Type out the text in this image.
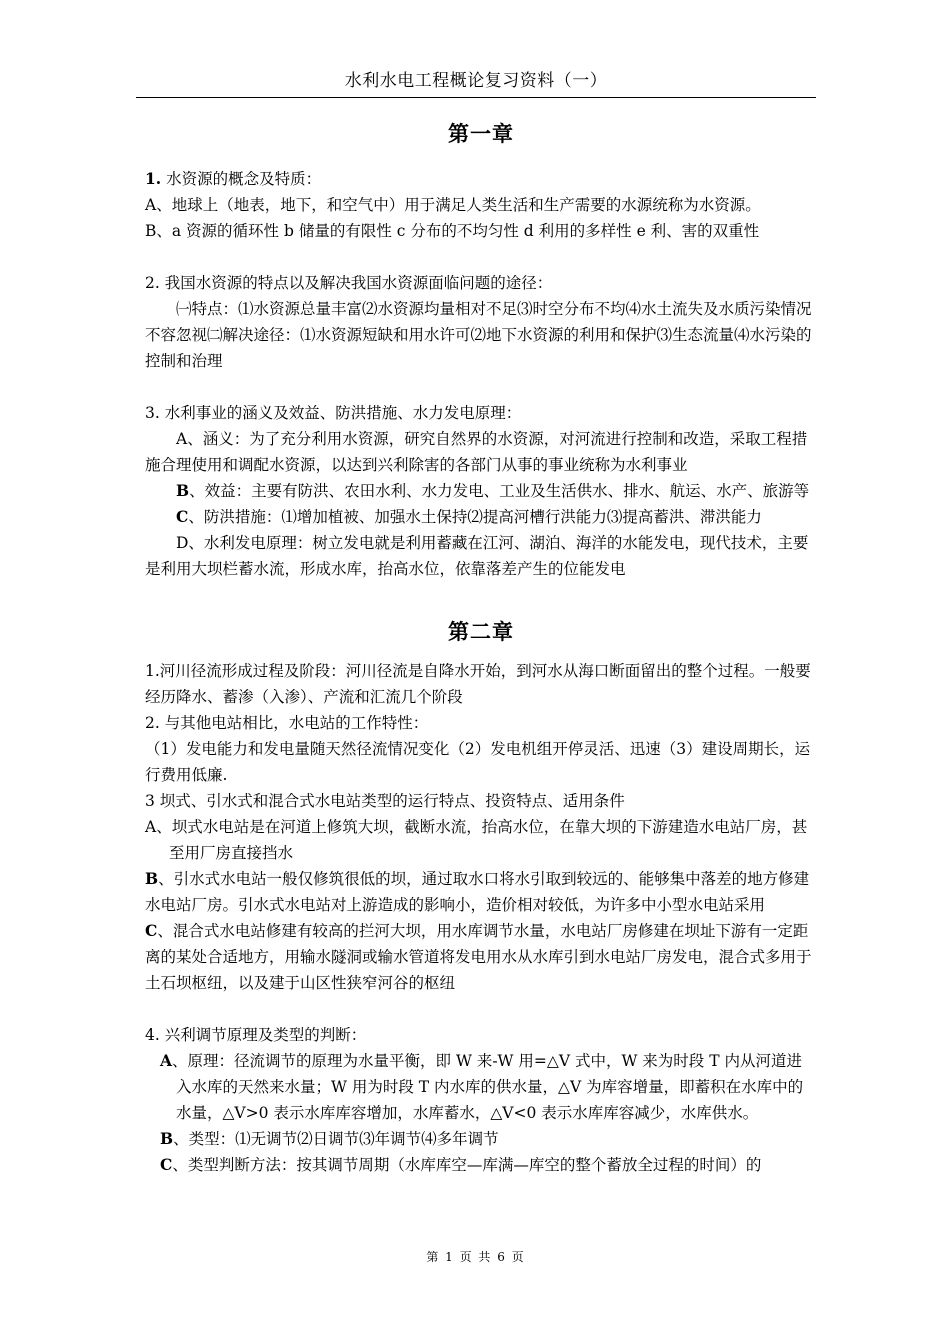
水利水电工程概论复习资料（一）
第一章

1. 水资源的概念及特质：

A、地球上（地表，地下，和空气中）用于满足人类生活和生产需要的水源统称为水资源。

B、a 资源的循环性 b 储量的有限性 c 分布的不均匀性 d 利用的多样性 e 利、害的双重性

2. 我国水资源的特点以及解决我国水资源面临问题的途径：

㈠特点：⑴水资源总量丰富⑵水资源均量相对不足⑶时空分布不均⑷水土流失及水质污染情况不容忽视㈡解决途径：⑴水资源短缺和用水许可⑵地下水资源的利用和保护⑶生态流量⑷水污染的控制和治理

3. 水利事业的涵义及效益、防洪措施、水力发电原理：

A、涵义：为了充分利用水资源，研究自然界的水资源，对河流进行控制和改造，采取工程措施合理使用和调配水资源，以达到兴利除害的各部门从事的事业统称为水利事业

B、效益：主要有防洪、农田水利、水力发电、工业及生活供水、排水、航运、水产、旅游等

C、防洪措施：⑴增加植被、加强水土保持⑵提高河槽行洪能力⑶提高蓄洪、滞洪能力

D、水利发电原理：树立发电就是利用蓄藏在江河、湖泊、海洋的水能发电，现代技术，主要是利用大坝栏蓄水流，形成水库，抬高水位，依靠落差产生的位能发电

第二章

1.河川径流形成过程及阶段：河川径流是自降水开始，到河水从海口断面留出的整个过程。一般要经历降水、蓄渗（入渗）、产流和汇流几个阶段

2. 与其他电站相比，水电站的工作特性：

（1）发电能力和发电量随天然径流情况变化（2）发电机组开停灵活、迅速（3）建设周期长，运行费用低廉.

3 坝式、引水式和混合式水电站类型的运行特点、投资特点、适用条件

A、坝式水电站是在河道上修筑大坝，截断水流，抬高水位，在靠大坝的下游建造水电站厂房，甚至用厂房直接挡水

B、引水式水电站一般仅修筑很低的坝，通过取水口将水引取到较远的、能够集中落差的地方修建水电站厂房。引水式水电站对上游造成的影响小，造价相对较低，为许多中小型水电站采用

C、混合式水电站修建有较高的拦河大坝，用水库调节水量，水电站厂房修建在坝址下游有一定距离的某处合适地方，用输水隧洞或输水管道将发电用水从水库引到水电站厂房发电，混合式多用于土石坝枢纽，以及建于山区性狭窄河谷的枢纽

4. 兴利调节原理及类型的判断：

A、原理：径流调节的原理为水量平衡，即 W 来-W 用=△V 式中，W 来为时段 T 内从河道进入水库的天然来水量；W 用为时段 T 内水库的供水量，△V 为库容增量，即蓄积在水库中的水量，△V>0 表示水库库容增加，水库蓄水，△V<0 表示水库库容减少，水库供水。

B、类型：⑴无调节⑵日调节⑶年调节⑷多年调节

C、类型判断方法：按其调节周期（水库库空—库满—库空的整个蓄放全过程的时间）的

第 1 页 共 6 页
